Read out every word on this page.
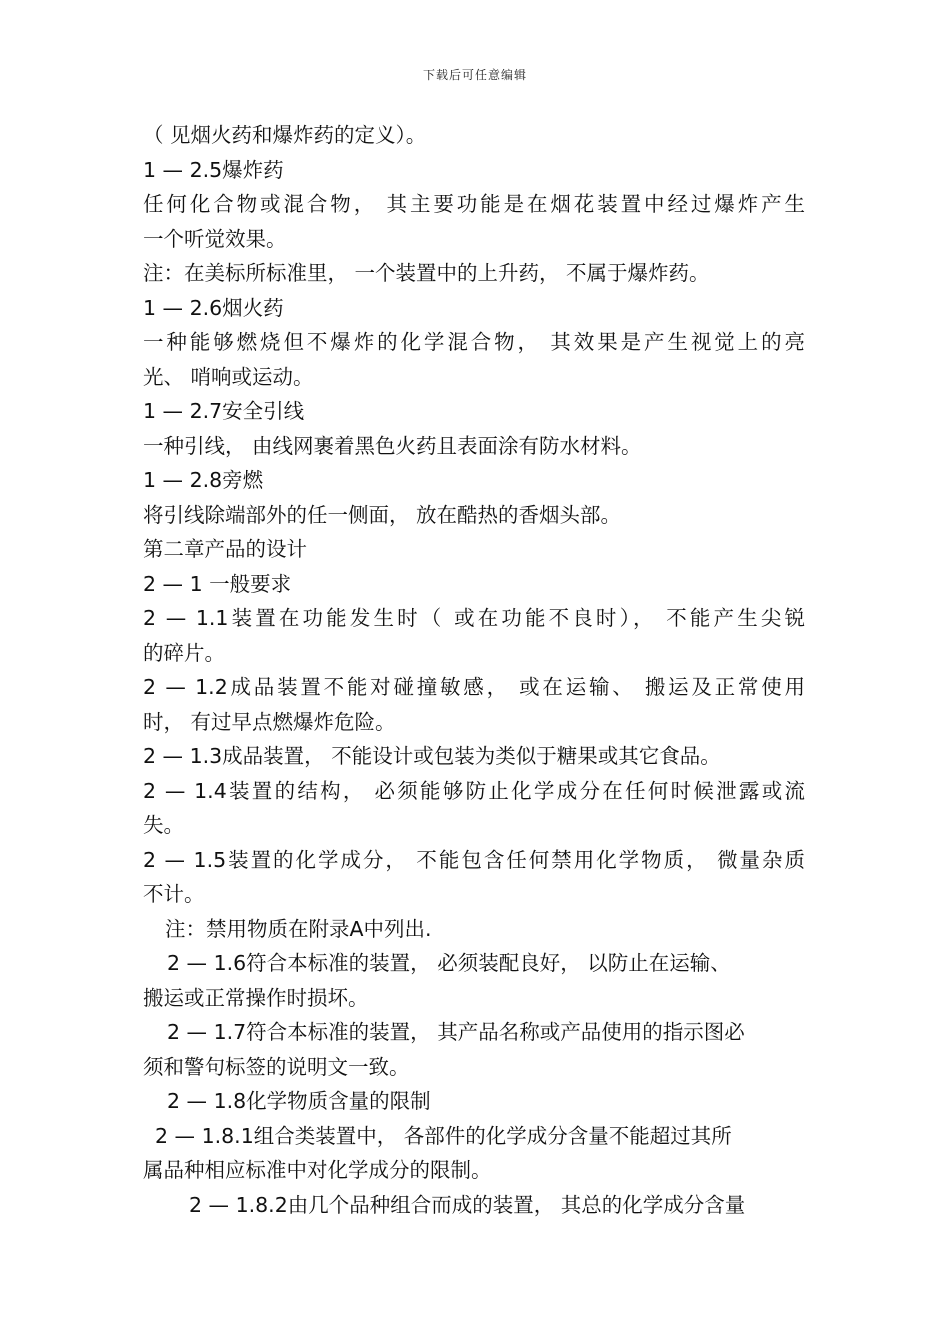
下载后可任意编辑
（ 见烟火药和爆炸药的定义）。
1 — 2.5爆炸药
任何化合物或混合物， 其主要功能是在烟花装置中经过爆炸产生
一个听觉效果。
注：在美标所标准里， 一个装置中的上升药， 不属于爆炸药。
1 — 2.6烟火药
一种能够燃烧但不爆炸的化学混合物， 其效果是产生视觉上的亮
光、 哨响或运动。
1 — 2.7安全引线
一种引线， 由线网裹着黑色火药且表面涂有防水材料。
1 — 2.8旁燃
将引线除端部外的任一侧面， 放在酷热的香烟头部。
第二章产品的设计
2 — 1 一般要求
2 — 1.1装置在功能发生时（ 或在功能不良时）， 不能产生尖锐
的碎片。
2 — 1.2成品装置不能对碰撞敏感， 或在运输、 搬运及正常使用
时， 有过早点燃爆炸危险。
2 — 1.3成品装置， 不能设计或包装为类似于糖果或其它食品。
2 — 1.4装置的结构， 必须能够防止化学成分在任何时候泄露或流
失。
2 — 1.5装置的化学成分， 不能包含任何禁用化学物质， 微量杂质
不计。
注：禁用物质在附录A中列出.
2 — 1.6符合本标准的装置， 必须装配良好， 以防止在运输、
搬运或正常操作时损坏。
2 — 1.7符合本标准的装置， 其产品名称或产品使用的指示图必
须和警句标签的说明文一致。
2 — 1.8化学物质含量的限制
2 — 1.8.1组合类装置中， 各部件的化学成分含量不能超过其所
属品种相应标准中对化学成分的限制。
2 — 1.8.2由几个品种组合而成的装置， 其总的化学成分含量
